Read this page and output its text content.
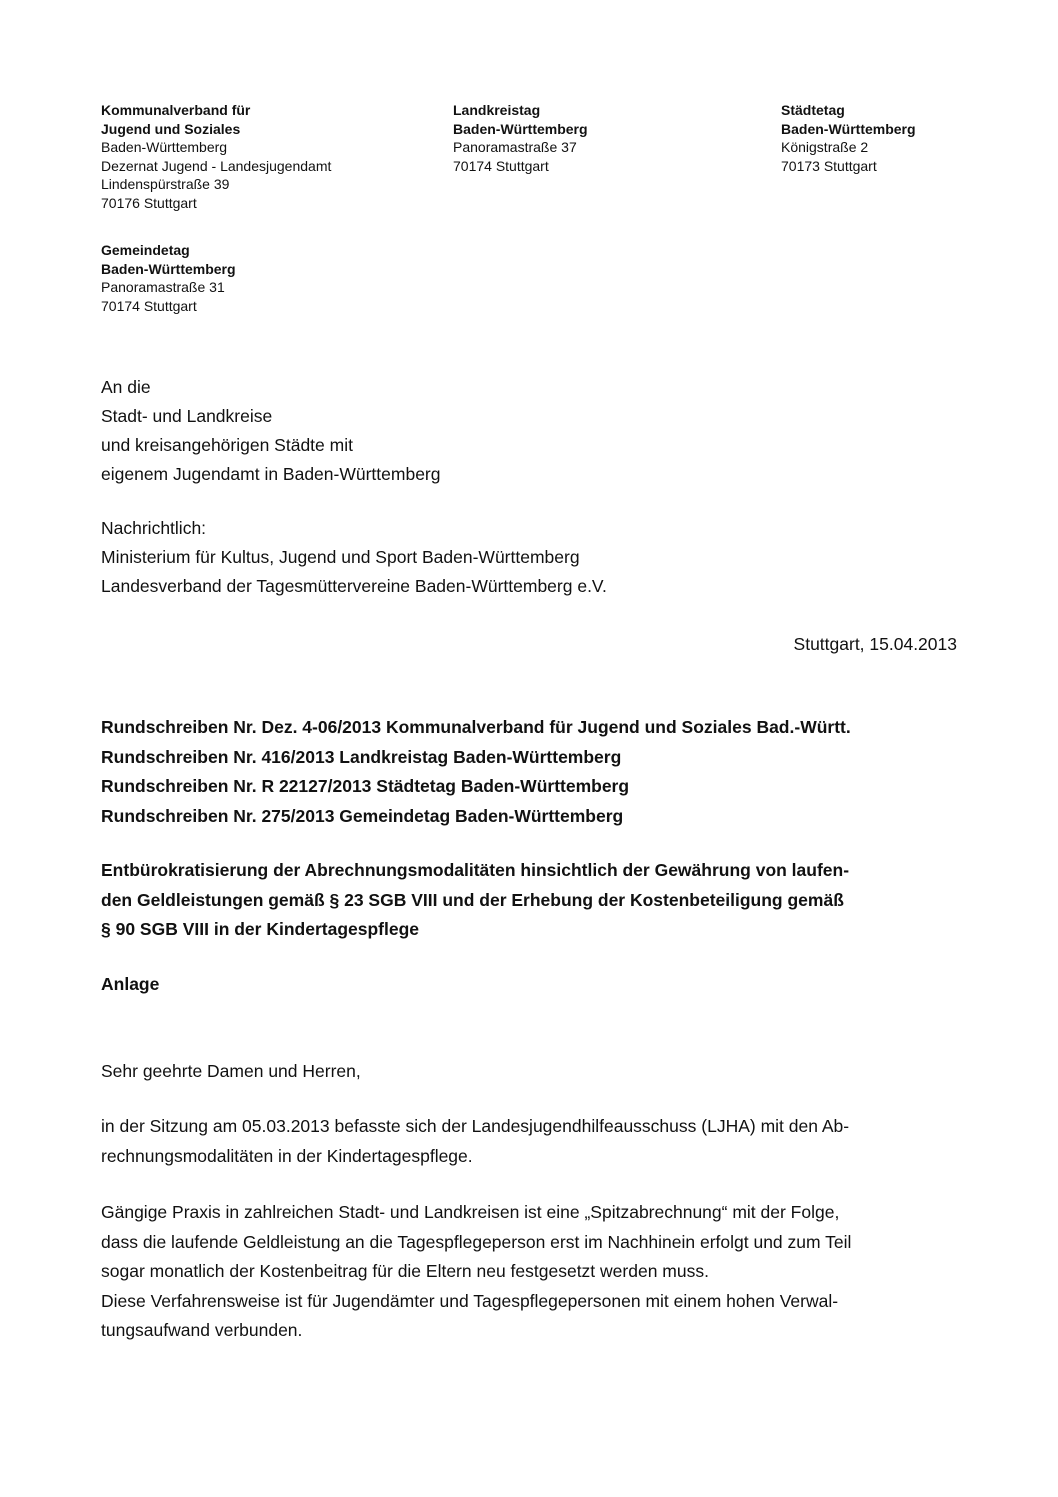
Kommunalverband für
Jugend und Soziales
Baden-Württemberg
Dezernat Jugend - Landesjugendamt
Lindenspürstraße 39
70176 Stuttgart
Landkreistag
Baden-Württemberg
Panoramastraße 37
70174 Stuttgart
Städtetag
Baden-Württemberg
Königstraße 2
70173 Stuttgart
Gemeindetag
Baden-Württemberg
Panoramastraße 31
70174 Stuttgart
An die
Stadt- und Landkreise
und kreisangehörigen Städte mit
eigenem Jugendamt in Baden-Württemberg
Nachrichtlich:
Ministerium für Kultus, Jugend und Sport Baden-Württemberg
Landesverband der Tagesmüttervereine Baden-Württemberg e.V.
Stuttgart, 15.04.2013
Rundschreiben Nr. Dez. 4-06/2013 Kommunalverband für Jugend und Soziales Bad.-Württ.
Rundschreiben Nr. 416/2013 Landkreistag Baden-Württemberg
Rundschreiben Nr. R 22127/2013 Städtetag Baden-Württemberg
Rundschreiben Nr. 275/2013 Gemeindetag Baden-Württemberg
Entbürokratisierung der Abrechnungsmodalitäten hinsichtlich der Gewährung von laufen-
den Geldleistungen gemäß § 23 SGB VIII und der Erhebung der Kostenbeteiligung gemäß
§ 90 SGB VIII in der Kindertagespflege
Anlage
Sehr geehrte Damen und Herren,
in der Sitzung am 05.03.2013 befasste sich der Landesjugendhilfeausschuss (LJHA) mit den Ab-
rechnungsmodalitäten in der Kindertagespflege.
Gängige Praxis in zahlreichen Stadt- und Landkreisen ist eine „Spitzabrechnung“ mit der Folge,
dass die laufende Geldleistung an die Tagespflegeperson erst im Nachhinein erfolgt und zum Teil
sogar monatlich der Kostenbeitrag für die Eltern neu festgesetzt werden muss.
Diese Verfahrensweise ist für Jugendämter und Tagespflegepersonen mit einem hohen Verwal-
tungsaufwand verbunden.
